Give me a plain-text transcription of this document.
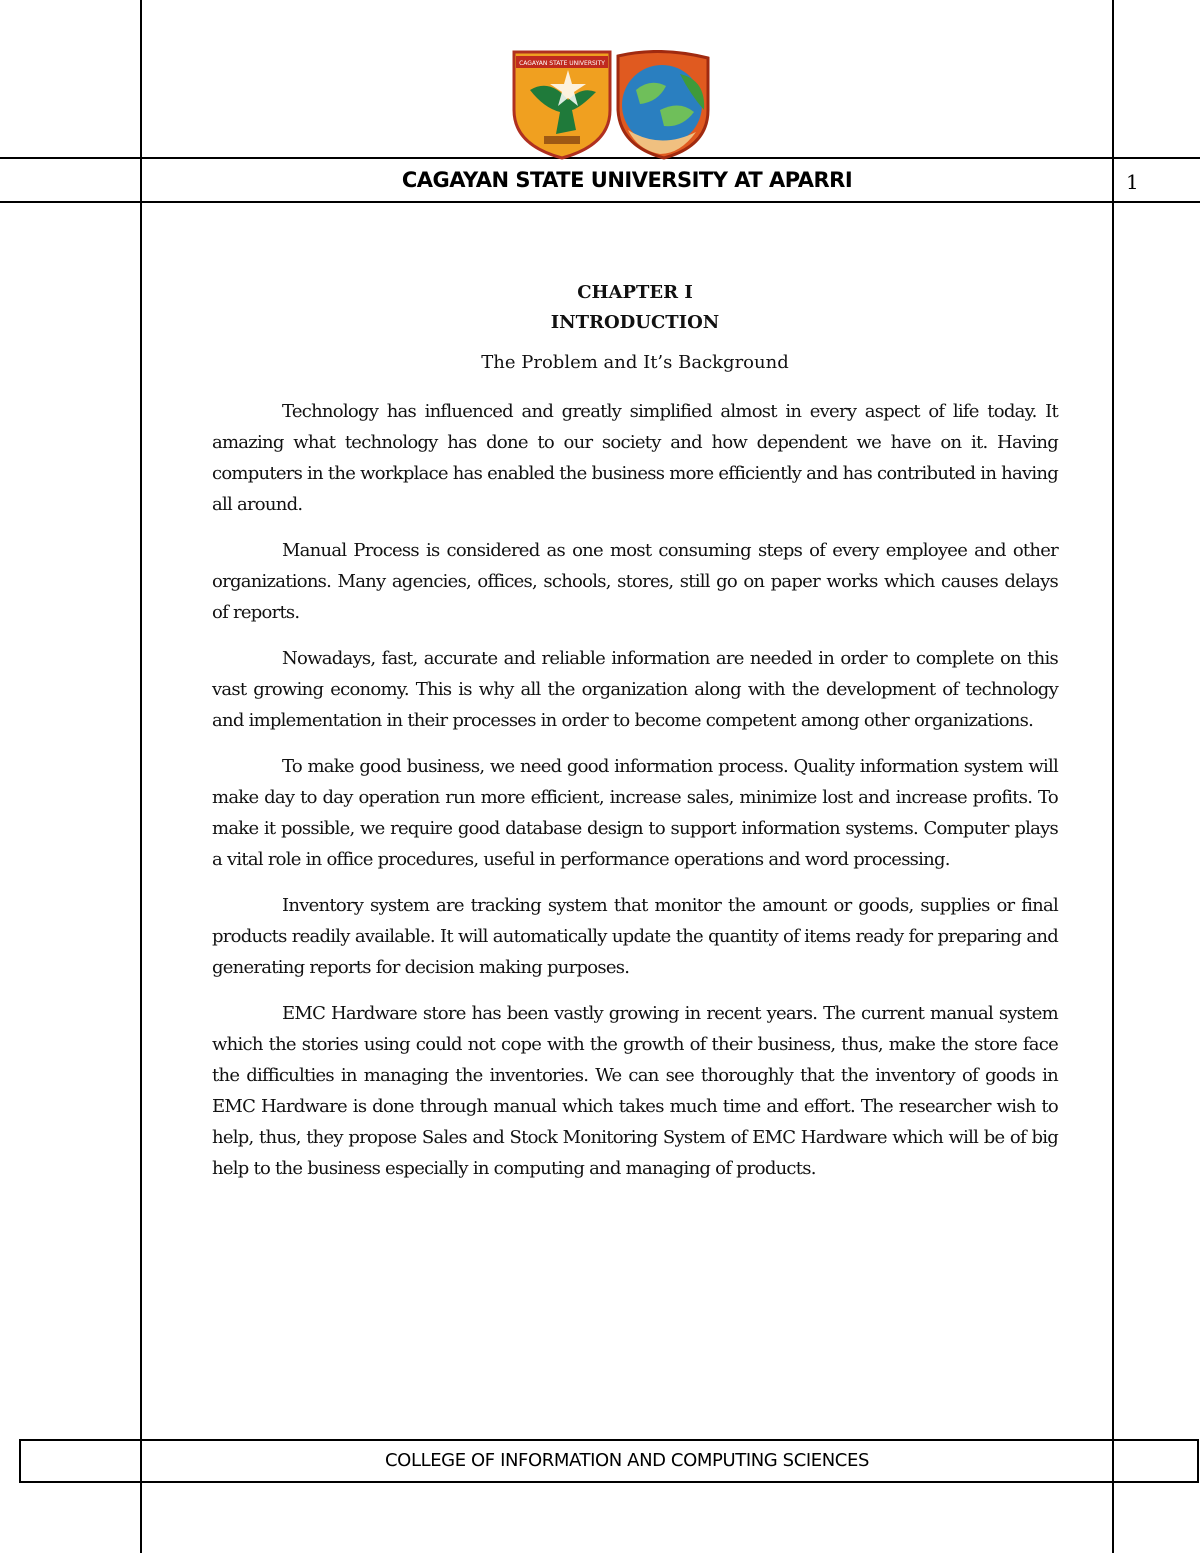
CAGAYAN STATE UNIVERSITY
CAGAYAN STATE UNIVERSITY AT APARRI	1
CHAPTER I
INTRODUCTION
The Problem and It’s Background

Technology has influenced and greatly simplified almost in every aspect of life today. It amazing what technology has done to our society and how dependent we have on it. Having computers in the workplace has enabled the business more efficiently and has contributed in having all around.

Manual Process is considered as one most consuming steps of every employee and other organizations. Many agencies, offices, schools, stores, still go on paper works which causes delays of reports.

Nowadays, fast, accurate and reliable information are needed in order to complete on this vast growing economy. This is why all the organization along with the development of technology and implementation in their processes in order to become competent among other organizations.

To make good business, we need good information process. Quality information system will make day to day operation run more efficient, increase sales, minimize lost and increase profits. To make it possible, we require good database design to support information systems. Computer plays a vital role in office procedures, useful in performance operations and word processing.

Inventory system are tracking system that monitor the amount or goods, supplies or final products readily available. It will automatically update the quantity of items ready for preparing and generating reports for decision making purposes.

EMC Hardware store has been vastly growing in recent years. The current manual system which the stories using could not cope with the growth of their business, thus, make the store face the difficulties in managing the inventories. We can see thoroughly that the inventory of goods in EMC Hardware is done through manual which takes much time and effort. The researcher wish to help, thus, they propose Sales and Stock Monitoring System of EMC Hardware which will be of big help to the business especially in computing and managing of products.

COLLEGE OF INFORMATION AND COMPUTING SCIENCES
